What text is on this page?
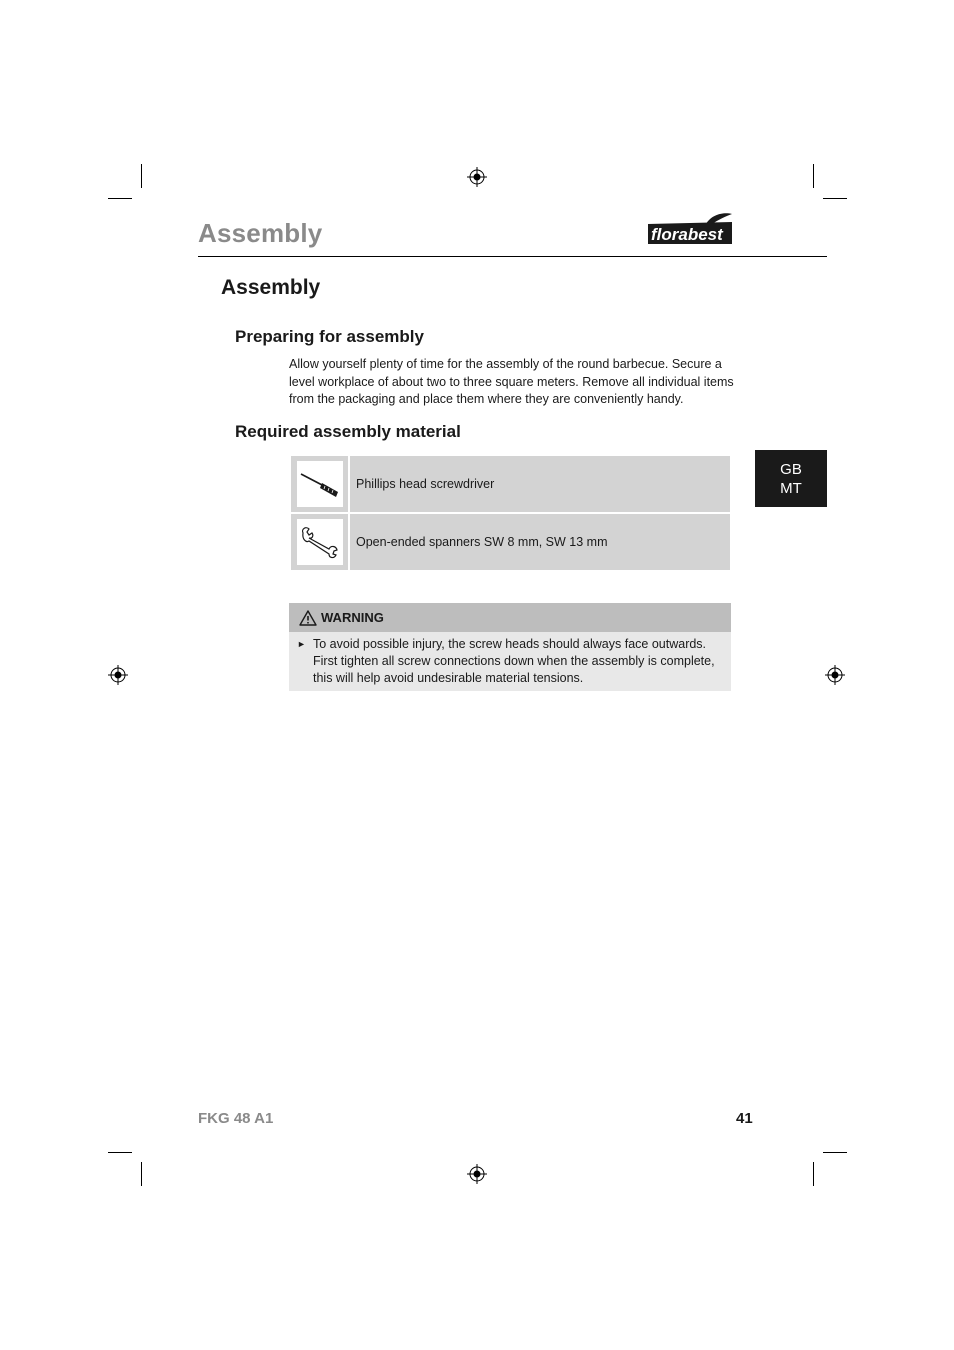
Assembly	florabest
Assembly
Preparing for assembly
Allow yourself plenty of time for the assembly of the round barbecue. Secure a level workplace of about two to three square meters. Remove all individual items from the packaging and place them where they are conveniently handy.
Required assembly material
GB
MT
Phillips head screwdriver
Open-ended spanners SW 8 mm, SW 13 mm
WARNING
► To avoid possible injury, the screw heads should always face outwards. First tighten all screw connections down when the assembly is complete, this will help avoid undesirable material tensions.
FKG 48 A1	41
